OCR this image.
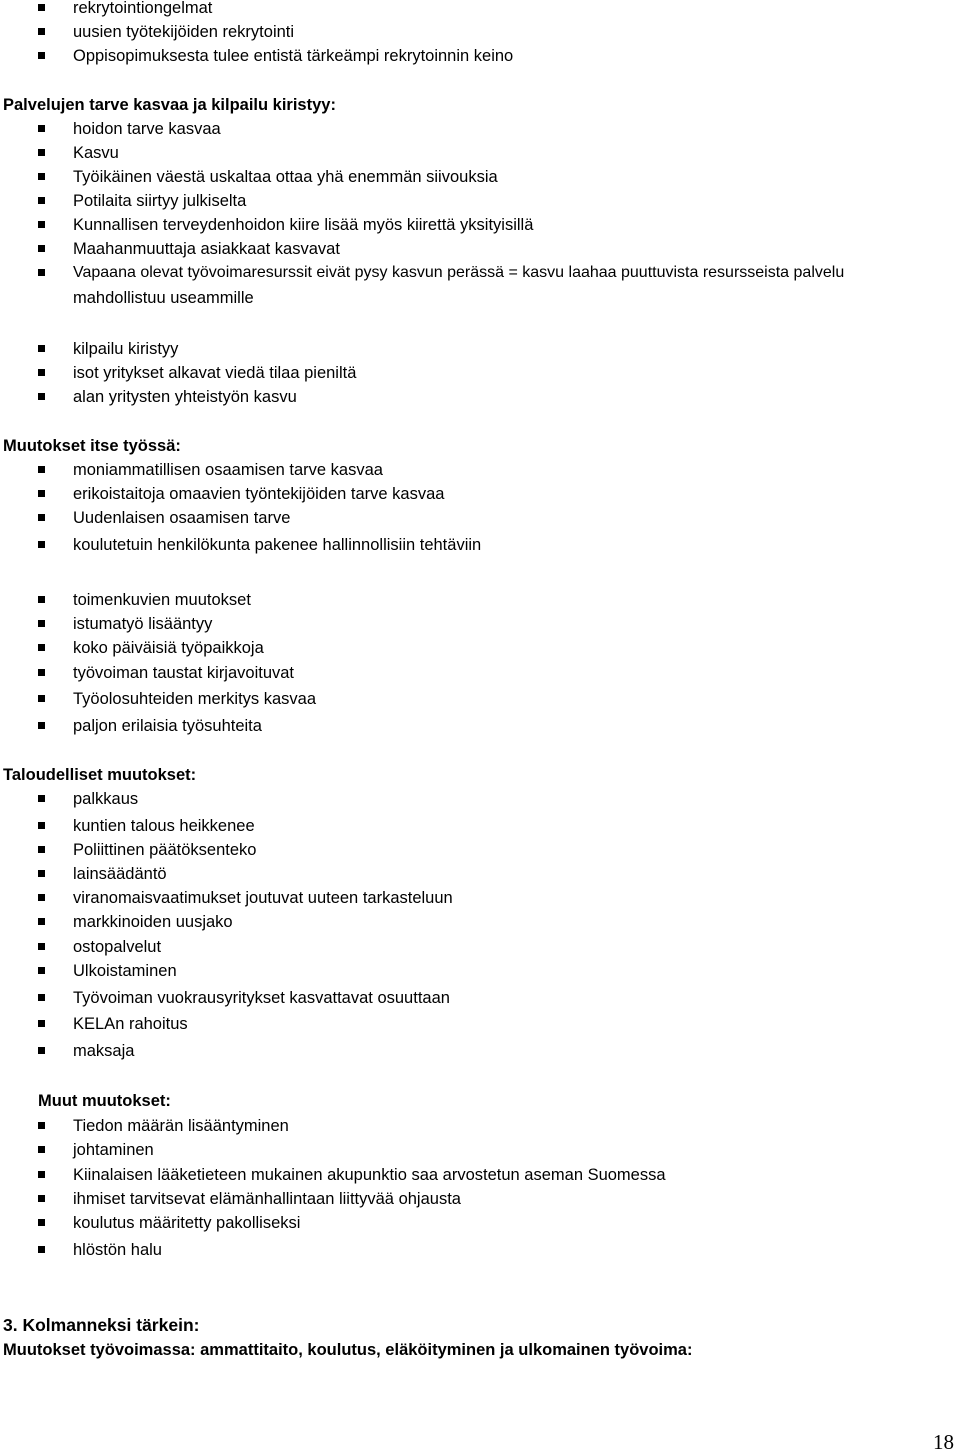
rekrytointiongelmat
uusien työtekijöiden rekrytointi
Oppisopimuksesta tulee entistä tärkeämpi rekrytoinnin keino
Palvelujen tarve kasvaa ja kilpailu kiristyy:
hoidon tarve kasvaa
Kasvu
Työikäinen väestä uskaltaa ottaa yhä enemmän siivouksia
Potilaita siirtyy julkiselta
Kunnallisen terveydenhoidon kiire lisää myös kiirettä yksityisillä
Maahanmuuttaja asiakkaat kasvavat
Vapaana olevat työvoimaresurssit eivät pysy kasvun perässä = kasvu laahaa puuttuvista resursseista palvelu
mahdollistuu useammille
kilpailu kiristyy
isot yritykset alkavat viedä tilaa pieniltä
alan yritysten yhteistyön kasvu
Muutokset itse työssä:
moniammatillisen osaamisen tarve kasvaa
erikoistaitoja omaavien työntekijöiden tarve kasvaa
Uudenlaisen osaamisen tarve
koulutetuin henkilökunta pakenee hallinnollisiin tehtäviin
toimenkuvien muutokset
istumatyö lisääntyy
koko päiväisiä työpaikkoja
työvoiman taustat kirjavoituvat
Työolosuhteiden merkitys kasvaa
paljon erilaisia työsuhteita
Taloudelliset muutokset:
palkkaus
kuntien talous heikkenee
Poliittinen päätöksenteko
lainsäädäntö
viranomaisvaatimukset joutuvat uuteen tarkasteluun
markkinoiden uusjako
ostopalvelut
Ulkoistaminen
Työvoiman vuokrausyritykset kasvattavat osuuttaan
KELAn rahoitus
maksaja
Muut muutokset:
Tiedon määrän lisääntyminen
johtaminen
Kiinalaisen lääketieteen mukainen akupunktio saa arvostetun aseman Suomessa
ihmiset tarvitsevat elämänhallintaan liittyvää ohjausta
koulutus määritetty pakolliseksi
hlöstön halu
3. Kolmanneksi tärkein:
Muutokset työvoimassa: ammattitaito, koulutus, eläköityminen ja ulkomainen työvoima:
18
